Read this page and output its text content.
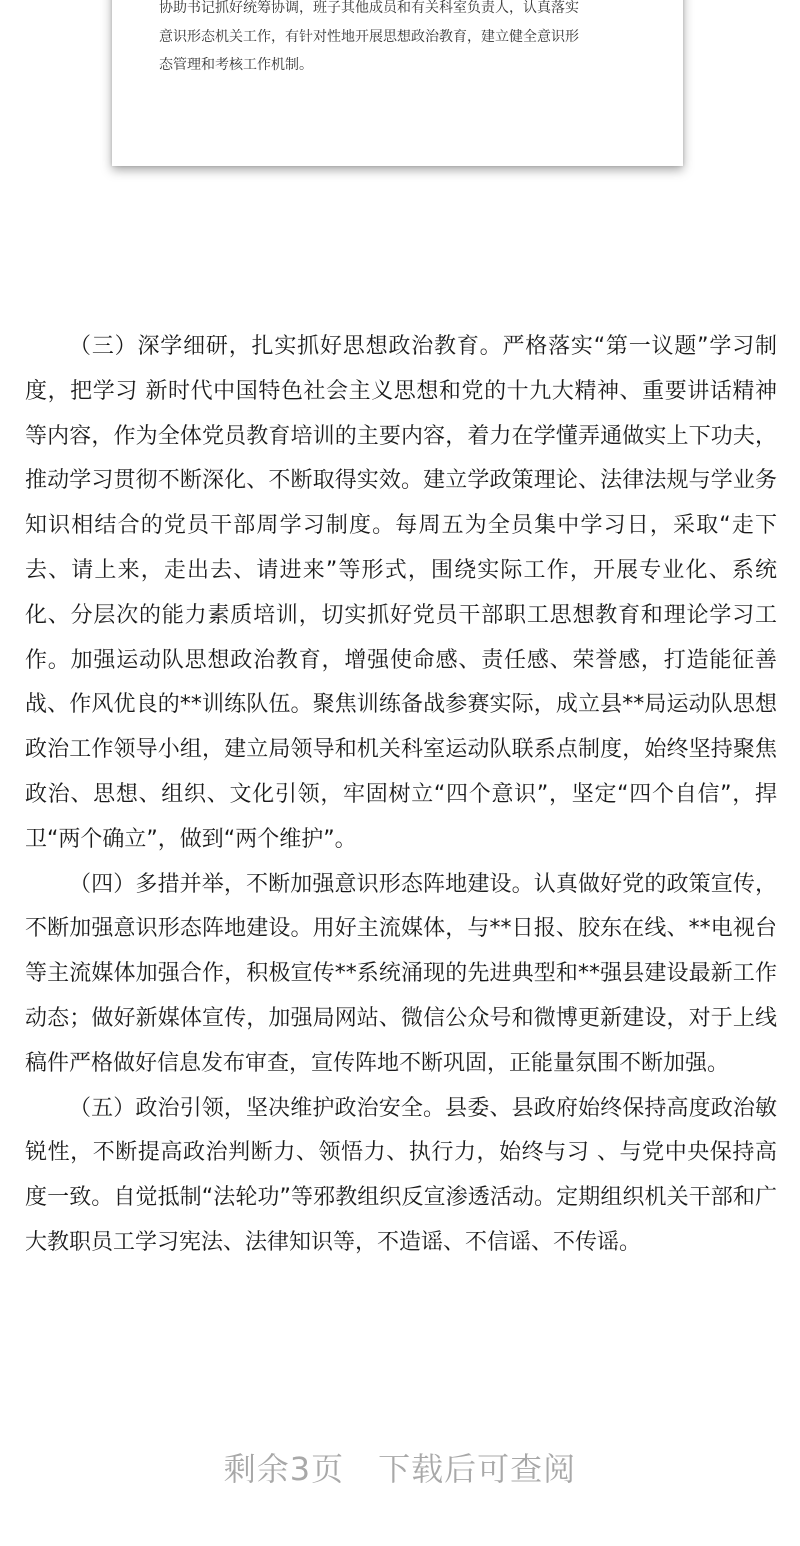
协助书记抓好统筹协调，班子其他成员和有关科室负责人，认真落实

意识形态机关工作，有针对性地开展思想政治教育，建立健全意识形

态管理和考核工作机制。

（三）深学细研，扎实抓好思想政治教育。严格落实“第一议题”学习制度，把学习 新时代中国特色社会主义思想和党的十九大精神、重要讲话精神等内容，作为全体党员教育培训的主要内容，着力在学懂弄通做实上下功夫，推动学习贯彻不断深化、不断取得实效。建立学政策理论、法律法规与学业务知识相结合的党员干部周学习制度。每周五为全员集中学习日，采取“走下去、请上来，走出去、请进来”等形式，围绕实际工作，开展专业化、系统化、分层次的能力素质培训，切实抓好党员干部职工思想教育和理论学习工作。加强运动队思想政治教育，增强使命感、责任感、荣誉感，打造能征善战、作风优良的**训练队伍。聚焦训练备战参赛实际，成立县**局运动队思想政治工作领导小组，建立局领导和机关科室运动队联系点制度，始终坚持聚焦政治、思想、组织、文化引领，牢固树立“四个意识”，坚定“四个自信”，捍卫“两个确立”，做到“两个维护”。

（四）多措并举，不断加强意识形态阵地建设。认真做好党的政策宣传，不断加强意识形态阵地建设。用好主流媒体，与**日报、胶东在线、**电视台等主流媒体加强合作，积极宣传**系统涌现的先进典型和**强县建设最新工作动态；做好新媒体宣传，加强局网站、微信公众号和微博更新建设，对于上线稿件严格做好信息发布审查，宣传阵地不断巩固，正能量氛围不断加强。

（五）政治引领，坚决维护政治安全。县委、县政府始终保持高度政治敏锐性，不断提高政治判断力、领悟力、执行力，始终与习 、与党中央保持高度一致。自觉抵制“法轮功”等邪教组织反宣渗透活动。定期组织机关干部和广大教职员工学习宪法、法律知识等，不造谣、不信谣、不传谣。

剩余3页 下载后可查阅
